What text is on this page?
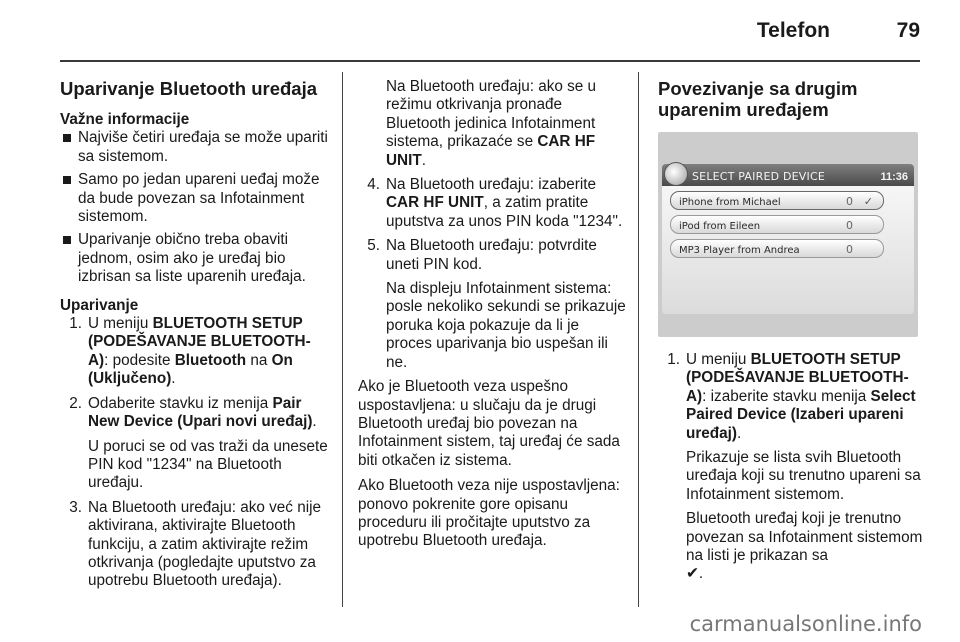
Telefon	79
Uparivanje Bluetooth uređaja
Važne informacije
Najviše četiri uređaja se može upariti sa sistemom.
Samo po jedan upareni ueđaj može da bude povezan sa Infotainment sistemom.
Uparivanje obično treba obaviti jednom, osim ako je uređaj bio izbrisan sa liste uparenih uređaja.
Uparivanje
1. U meniju BLUETOOTH SETUP (PODEŠAVANJE BLUETOOTH-A): podesite Bluetooth na On (Uključeno).

2. Odaberite stavku iz menija Pair New Device (Upari novi uređaj).

U poruci se od vas traži da unesete PIN kod "1234" na Bluetooth uređaju.

3. Na Bluetooth uređaju: ako već nije aktivirana, aktivirajte Bluetooth funkciju, a zatim aktivirajte režim otkrivanja (pogledajte uputstvo za upotrebu Bluetooth uređaja).

Na Bluetooth uređaju: ako se u režimu otkrivanja pronađe Bluetooth jedinica Infotainment sistema, prikazaće se CAR HF UNIT.

4. Na Bluetooth uređaju: izaberite CAR HF UNIT, a zatim pratite uputstva za unos PIN koda "1234".

5. Na Bluetooth uređaju: potvrdite uneti PIN kod.

Na displeju Infotainment sistema: posle nekoliko sekundi se prikazuje poruka koja pokazuje da li je proces uparivanja bio uspešan ili ne.

Ako je Bluetooth veza uspešno uspostavljena: u slučaju da je drugi Bluetooth uređaj bio povezan na Infotainment sistem, taj uređaj će sada biti otkačen iz sistema.

Ako Bluetooth veza nije uspostavljena: ponovo pokrenite gore opisanu proceduru ili pročitajte uputstvo za upotrebu Bluetooth uređaja.

Povezivanje sa drugim uparenim uređajem
SELECT PAIRED DEVICE	11:36
iPhone from Michael	0 ✓
iPod from Eileen	0
MP3 Player from Andrea	0
1. U meniju BLUETOOTH SETUP (PODEŠAVANJE BLUETOOTH-A): izaberite stavku menija Select Paired Device (Izaberi upareni uređaj).

Prikazuje se lista svih Bluetooth uređaja koji su trenutno upareni sa Infotainment sistemom.

Bluetooth uređaj koji je trenutno povezan sa Infotainment sistemom na listi je prikazan sa
✔.

carmanualsonline.info
